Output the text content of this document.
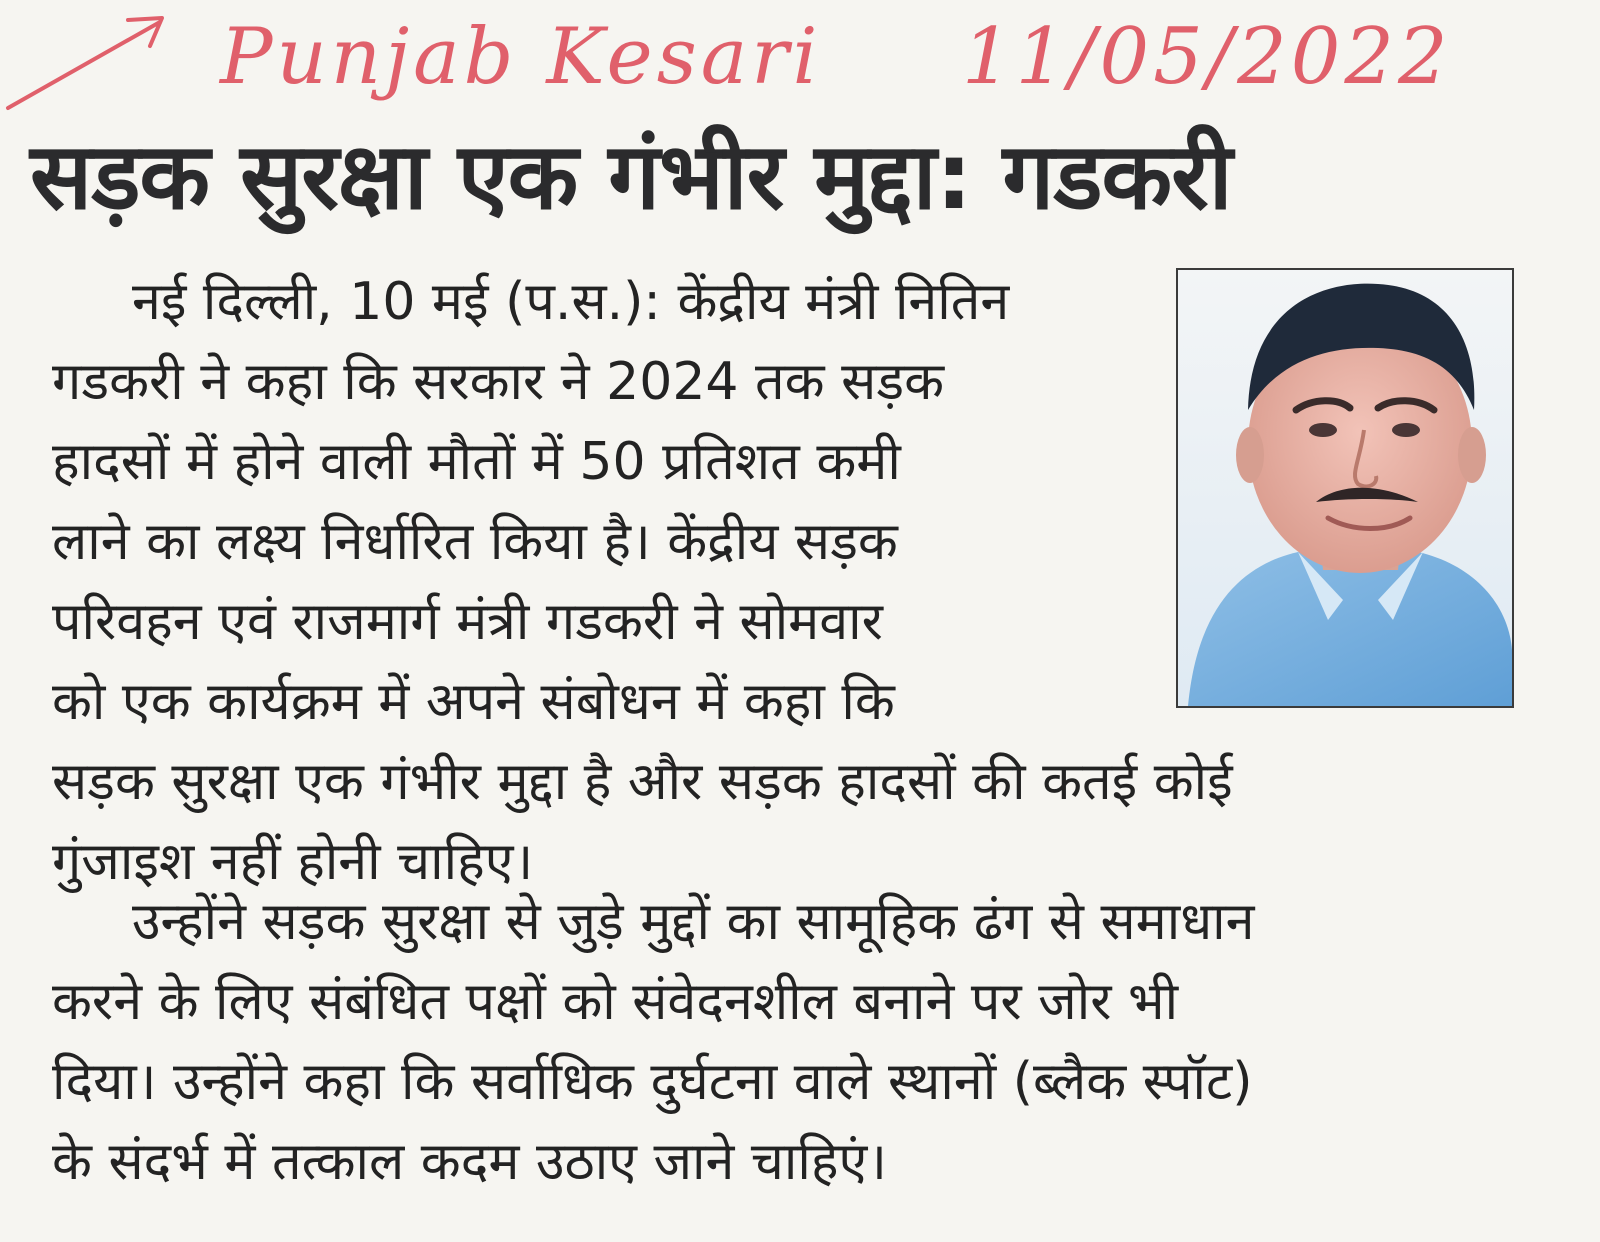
Punjab Kesari 11/05/2022
सड़क सुरक्षा एक गंभीर मुद्दा: गडकरी
नई दिल्ली, 10 मई (प.स.): केंद्रीय मंत्री नितिन
गडकरी ने कहा कि सरकार ने 2024 तक सड़क
हादसों में होने वाली मौतों में 50 प्रतिशत कमी
लाने का लक्ष्य निर्धारित किया है। केंद्रीय सड़क
परिवहन एवं राजमार्ग मंत्री गडकरी ने सोमवार
को एक कार्यक्रम में अपने संबोधन में कहा कि
सड़क सुरक्षा एक गंभीर मुद्दा है और सड़क हादसों की कतई कोई
गुंजाइश नहीं होनी चाहिए।
उन्होंने सड़क सुरक्षा से जुड़े मुद्दों का सामूहिक ढंग से समाधान
करने के लिए संबंधित पक्षों को संवेदनशील बनाने पर जोर भी
दिया। उन्होंने कहा कि सर्वाधिक दुर्घटना वाले स्थानों (ब्लैक स्पॉट)
के संदर्भ में तत्काल कदम उठाए जाने चाहिएं।
